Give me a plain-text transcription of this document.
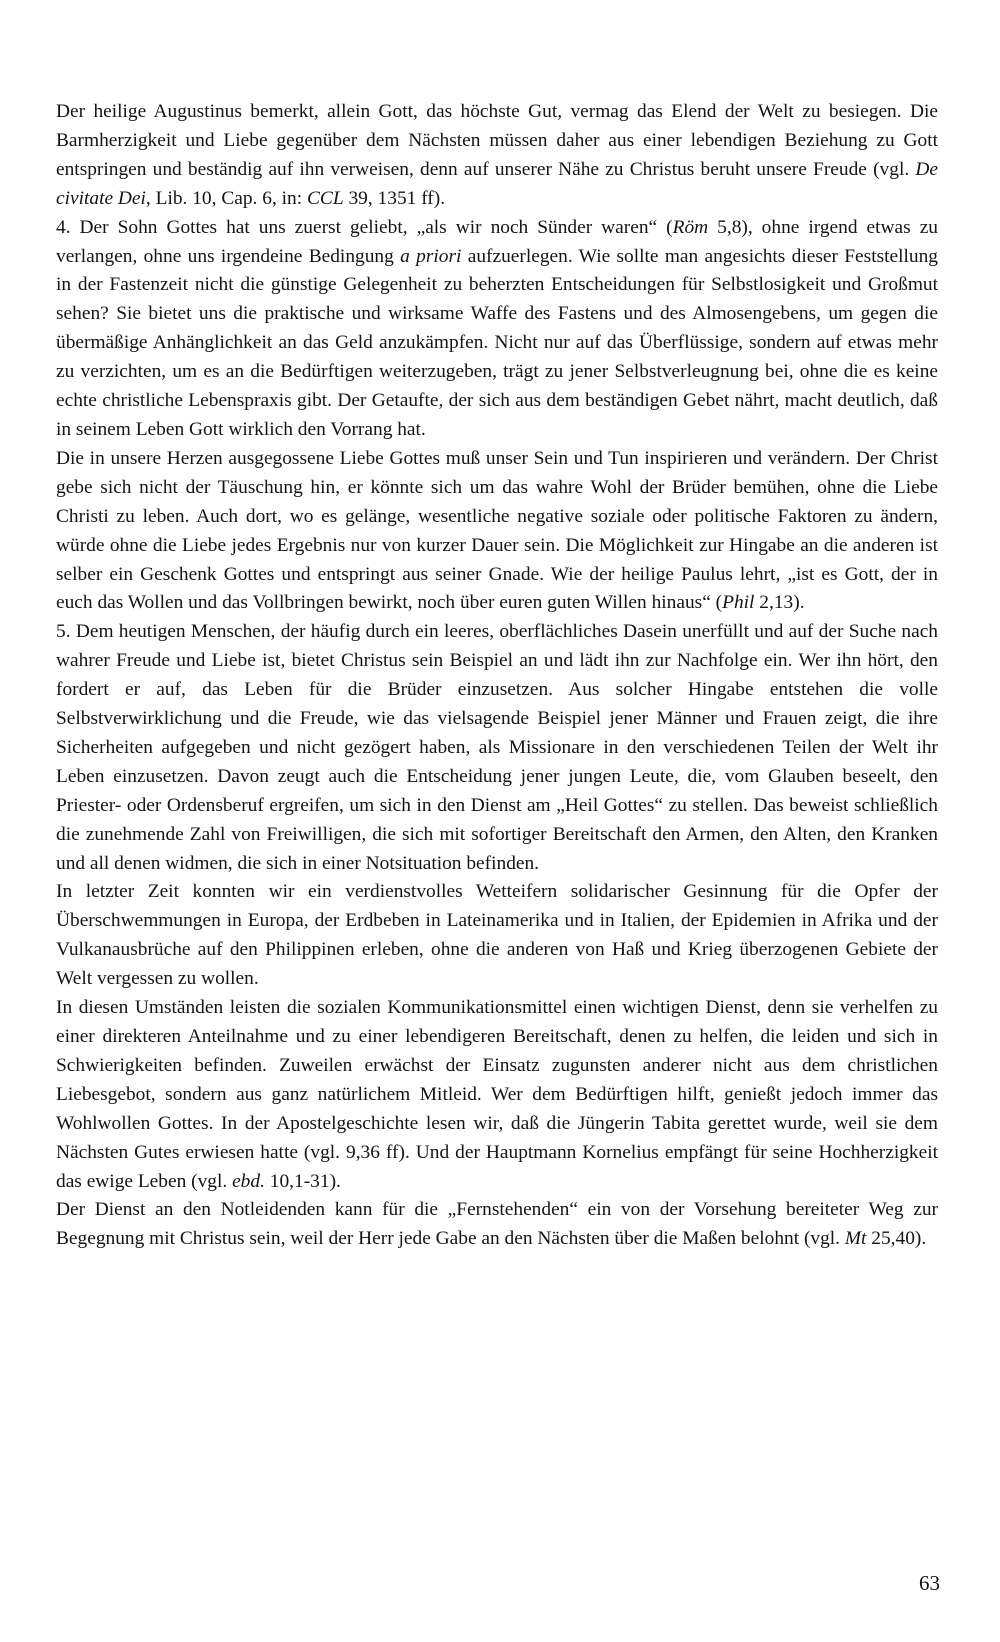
Der heilige Augustinus bemerkt, allein Gott, das höchste Gut, vermag das Elend der Welt zu besiegen. Die Barmherzigkeit und Liebe gegenüber dem Nächsten müssen daher aus einer lebendigen Beziehung zu Gott entspringen und beständig auf ihn verweisen, denn auf unserer Nähe zu Christus beruht unsere Freude (vgl. De civitate Dei, Lib. 10, Cap. 6, in: CCL 39, 1351 ff).

4. Der Sohn Gottes hat uns zuerst geliebt, „als wir noch Sünder waren“ (Röm 5,8), ohne irgend etwas zu verlangen, ohne uns irgendeine Bedingung a priori aufzuerlegen. Wie sollte man angesichts dieser Feststellung in der Fastenzeit nicht die günstige Gelegenheit zu beherzten Entscheidungen für Selbstlosigkeit und Großmut sehen? Sie bietet uns die praktische und wirksame Waffe des Fastens und des Almosengebens, um gegen die übermäßige Anhänglichkeit an das Geld anzukämpfen. Nicht nur auf das Überflüssige, sondern auf etwas mehr zu verzichten, um es an die Bedürftigen weiterzugeben, trägt zu jener Selbstverleugnung bei, ohne die es keine echte christliche Lebenspraxis gibt. Der Getaufte, der sich aus dem beständigen Gebet nährt, macht deutlich, daß in seinem Leben Gott wirklich den Vorrang hat.

Die in unsere Herzen ausgegossene Liebe Gottes muß unser Sein und Tun inspirieren und verändern. Der Christ gebe sich nicht der Täuschung hin, er könnte sich um das wahre Wohl der Brüder bemühen, ohne die Liebe Christi zu leben. Auch dort, wo es gelänge, wesentliche negative soziale oder politische Faktoren zu ändern, würde ohne die Liebe jedes Ergebnis nur von kurzer Dauer sein. Die Möglichkeit zur Hingabe an die anderen ist selber ein Geschenk Gottes und entspringt aus seiner Gnade. Wie der heilige Paulus lehrt, „ist es Gott, der in euch das Wollen und das Vollbringen bewirkt, noch über euren guten Willen hinaus“ (Phil 2,13).

5. Dem heutigen Menschen, der häufig durch ein leeres, oberflächliches Dasein unerfüllt und auf der Suche nach wahrer Freude und Liebe ist, bietet Christus sein Beispiel an und lädt ihn zur Nachfolge ein. Wer ihn hört, den fordert er auf, das Leben für die Brüder einzusetzen. Aus solcher Hingabe entstehen die volle Selbstverwirklichung und die Freude, wie das vielsagende Beispiel jener Männer und Frauen zeigt, die ihre Sicherheiten aufgegeben und nicht gezögert haben, als Missionare in den verschiedenen Teilen der Welt ihr Leben einzusetzen. Davon zeugt auch die Entscheidung jener jungen Leute, die, vom Glauben beseelt, den Priester- oder Ordensberuf ergreifen, um sich in den Dienst am „Heil Gottes“ zu stellen. Das beweist schließlich die zunehmende Zahl von Freiwilligen, die sich mit sofortiger Bereitschaft den Armen, den Alten, den Kranken und all denen widmen, die sich in einer Notsituation befinden.

In letzter Zeit konnten wir ein verdienstvolles Wetteifern solidarischer Gesinnung für die Opfer der Überschwemmungen in Europa, der Erdbeben in Lateinamerika und in Italien, der Epidemien in Afrika und der Vulkanausbrüche auf den Philippinen erleben, ohne die anderen von Haß und Krieg überzogenen Gebiete der Welt vergessen zu wollen.

In diesen Umständen leisten die sozialen Kommunikationsmittel einen wichtigen Dienst, denn sie verhelfen zu einer direkteren Anteilnahme und zu einer lebendigeren Bereitschaft, denen zu helfen, die leiden und sich in Schwierigkeiten befinden. Zuweilen erwächst der Einsatz zugunsten anderer nicht aus dem christlichen Liebesgebot, sondern aus ganz natürlichem Mitleid. Wer dem Bedürftigen hilft, genießt jedoch immer das Wohlwollen Gottes. In der Apostelgeschichte lesen wir, daß die Jüngerin Tabita gerettet wurde, weil sie dem Nächsten Gutes erwiesen hatte (vgl. 9,36 ff). Und der Hauptmann Kornelius empfängt für seine Hochherzigkeit das ewige Leben (vgl. ebd. 10,1-31).

Der Dienst an den Notleidenden kann für die „Fernstehenden“ ein von der Vorsehung bereiteter Weg zur Begegnung mit Christus sein, weil der Herr jede Gabe an den Nächsten über die Maßen belohnt (vgl. Mt 25,40).

63
